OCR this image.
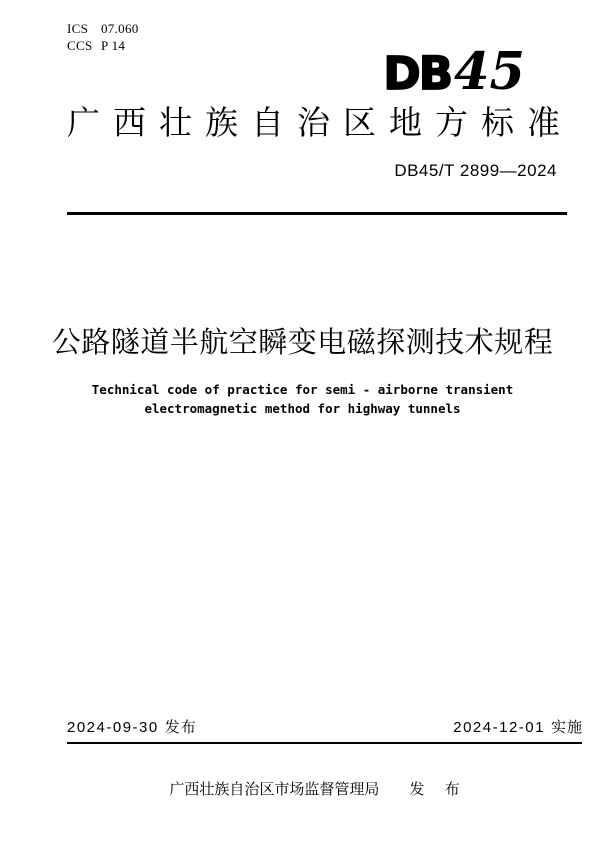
ICS 07.060
CCS P 14
DB45
广 西 壮 族 自 治 区 地 方 标 准
DB45/T 2899—2024
公路隧道半航空瞬变电磁探测技术规程
Technical code of practice for semi - airborne transient
electromagnetic method for highway tunnels
2024-09-30 发布	2024-12-01 实施
广西壮族自治区市场监督管理局 发 布
